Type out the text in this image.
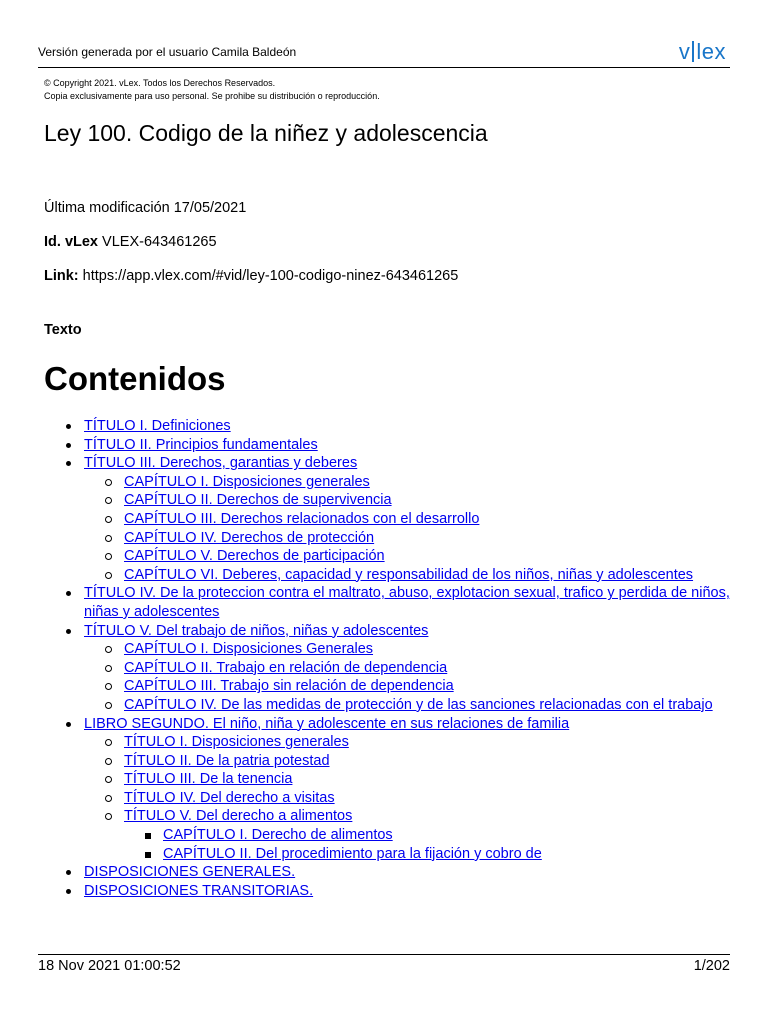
Versión generada por el usuario Camila Baldeón	v lex
© Copyright 2021. vLex. Todos los Derechos Reservados.
Copia exclusivamente para uso personal. Se prohibe su distribución o reproducción.
Ley 100. Codigo de la niñez y adolescencia
Última modificación 17/05/2021
Id. vLex VLEX-643461265
Link: https://app.vlex.com/#vid/ley-100-codigo-ninez-643461265
Texto
Contenidos
TÍTULO I. Definiciones
TÍTULO II. Principios fundamentales
TÍTULO III. Derechos, garantias y deberes
CAPÍTULO I. Disposiciones generales
CAPÍTULO II. Derechos de supervivencia
CAPÍTULO III. Derechos relacionados con el desarrollo
CAPÍTULO IV. Derechos de protección
CAPÍTULO V. Derechos de participación
CAPÍTULO VI. Deberes, capacidad y responsabilidad de los niños, niñas y adolescentes
TÍTULO IV. De la proteccion contra el maltrato, abuso, explotacion sexual, trafico y perdida de niños, niñas y adolescentes
TÍTULO V. Del trabajo de niños, niñas y adolescentes
CAPÍTULO I. Disposiciones Generales
CAPÍTULO II. Trabajo en relación de dependencia
CAPÍTULO III. Trabajo sin relación de dependencia
CAPÍTULO IV. De las medidas de protección y de las sanciones relacionadas con el trabajo
LIBRO SEGUNDO. El niño, niña y adolescente en sus relaciones de familia
TÍTULO I. Disposiciones generales
TÍTULO II. De la patria potestad
TÍTULO III. De la tenencia
TÍTULO IV. Del derecho a visitas
TÍTULO V. Del derecho a alimentos
CAPÍTULO I. Derecho de alimentos
CAPÍTULO II. Del procedimiento para la fijación y cobro de
DISPOSICIONES GENERALES.
DISPOSICIONES TRANSITORIAS.
18 Nov 2021 01:00:52	1/202
